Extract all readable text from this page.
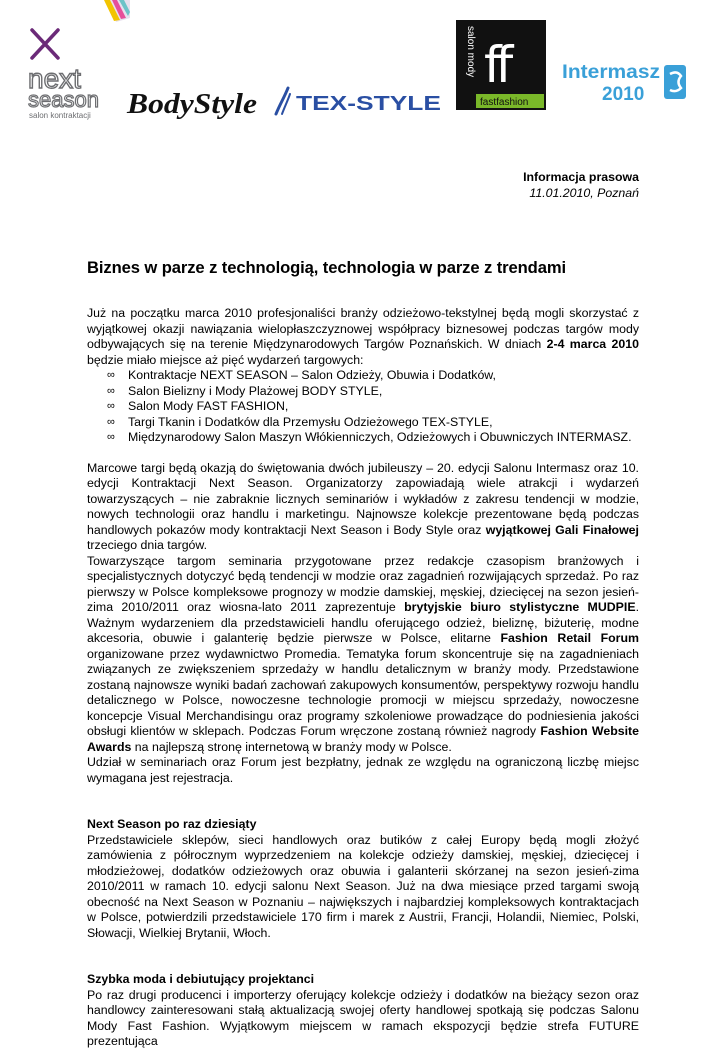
next
season
salon kontraktacji BodyStyle TEX-STYLE
salon mody ff
fastfashion
Intermasz
2010
Informacja prasowa
11.01.2010, Poznań
Biznes w parze z technologią, technologia w parze z trendami

Już na początku marca 2010 profesjonaliści branży odzieżowo-tekstylnej będą mogli skorzystać z wyjątkowej okazji nawiązania wielopłaszczyznowej współpracy biznesowej podczas targów mody odbywających się na terenie Międzynarodowych Targów Poznańskich. W dniach 2-4 marca 2010 będzie miało miejsce aż pięć wydarzeń targowych:

∞ Kontraktacje NEXT SEASON – Salon Odzieży, Obuwia i Dodatków,
∞ Salon Bielizny i Mody Plażowej BODY STYLE,
∞ Salon Mody FAST FASHION,
∞ Targi Tkanin i Dodatków dla Przemysłu Odzieżowego TEX-STYLE,
∞ Międzynarodowy Salon Maszyn Włókienniczych, Odzieżowych i Obuwniczych INTERMASZ.

Marcowe targi będą okazją do świętowania dwóch jubileuszy – 20. edycji Salonu Intermasz oraz 10. edycji Kontraktacji Next Season. Organizatorzy zapowiadają wiele atrakcji i wydarzeń towarzyszących – nie zabraknie licznych seminariów i wykładów z zakresu tendencji w modzie, nowych technologii oraz handlu i marketingu. Najnowsze kolekcje prezentowane będą podczas handlowych pokazów mody kontraktacji Next Season i Body Style oraz wyjątkowej Gali Finałowej trzeciego dnia targów.

Towarzyszące targom seminaria przygotowane przez redakcje czasopism branżowych i specjalistycznych dotyczyć będą tendencji w modzie oraz zagadnień rozwijających sprzedaż. Po raz pierwszy w Polsce kompleksowe prognozy w modzie damskiej, męskiej, dziecięcej na sezon jesień-zima 2010/2011 oraz wiosna-lato 2011 zaprezentuje brytyjskie biuro stylistyczne MUDPIE. Ważnym wydarzeniem dla przedstawicieli handlu oferującego odzież, bieliznę, biżuterię, modne akcesoria, obuwie i galanterię będzie pierwsze w Polsce, elitarne Fashion Retail Forum organizowane przez wydawnictwo Promedia. Tematyka forum skoncentruje się na zagadnieniach związanych ze zwiększeniem sprzedaży w handlu detalicznym w branży mody. Przedstawione zostaną najnowsze wyniki badań zachowań zakupowych konsumentów, perspektywy rozwoju handlu detalicznego w Polsce, nowoczesne technologie promocji w miejscu sprzedaży, nowoczesne koncepcje Visual Merchandisingu oraz programy szkoleniowe prowadzące do podniesienia jakości obsługi klientów w sklepach. Podczas Forum wręczone zostaną również nagrody Fashion Website Awards na najlepszą stronę internetową w branży mody w Polsce.

Udział w seminariach oraz Forum jest bezpłatny, jednak ze względu na ograniczoną liczbę miejsc wymagana jest rejestracja.

Next Season po raz dziesiąty

Przedstawiciele sklepów, sieci handlowych oraz butików z całej Europy będą mogli złożyć zamówienia z półrocznym wyprzedzeniem na kolekcje odzieży damskiej, męskiej, dziecięcej i młodzieżowej, dodatków odzieżowych oraz obuwia i galanterii skórzanej na sezon jesień-zima 2010/2011 w ramach 10. edycji salonu Next Season. Już na dwa miesiące przed targami swoją obecność na Next Season w Poznaniu – największych i najbardziej kompleksowych kontraktacjach w Polsce, potwierdzili przedstawiciele 170 firm i marek z Austrii, Francji, Holandii, Niemiec, Polski, Słowacji, Wielkiej Brytanii, Włoch.

Szybka moda i debiutujący projektanci

Po raz drugi producenci i importerzy oferujący kolekcje odzieży i dodatków na bieżący sezon oraz handlowcy zainteresowani stałą aktualizacją swojej oferty handlowej spotkają się podczas Salonu Mody Fast Fashion. Wyjątkowym miejscem w ramach ekspozycji będzie strefa FUTURE prezentująca
